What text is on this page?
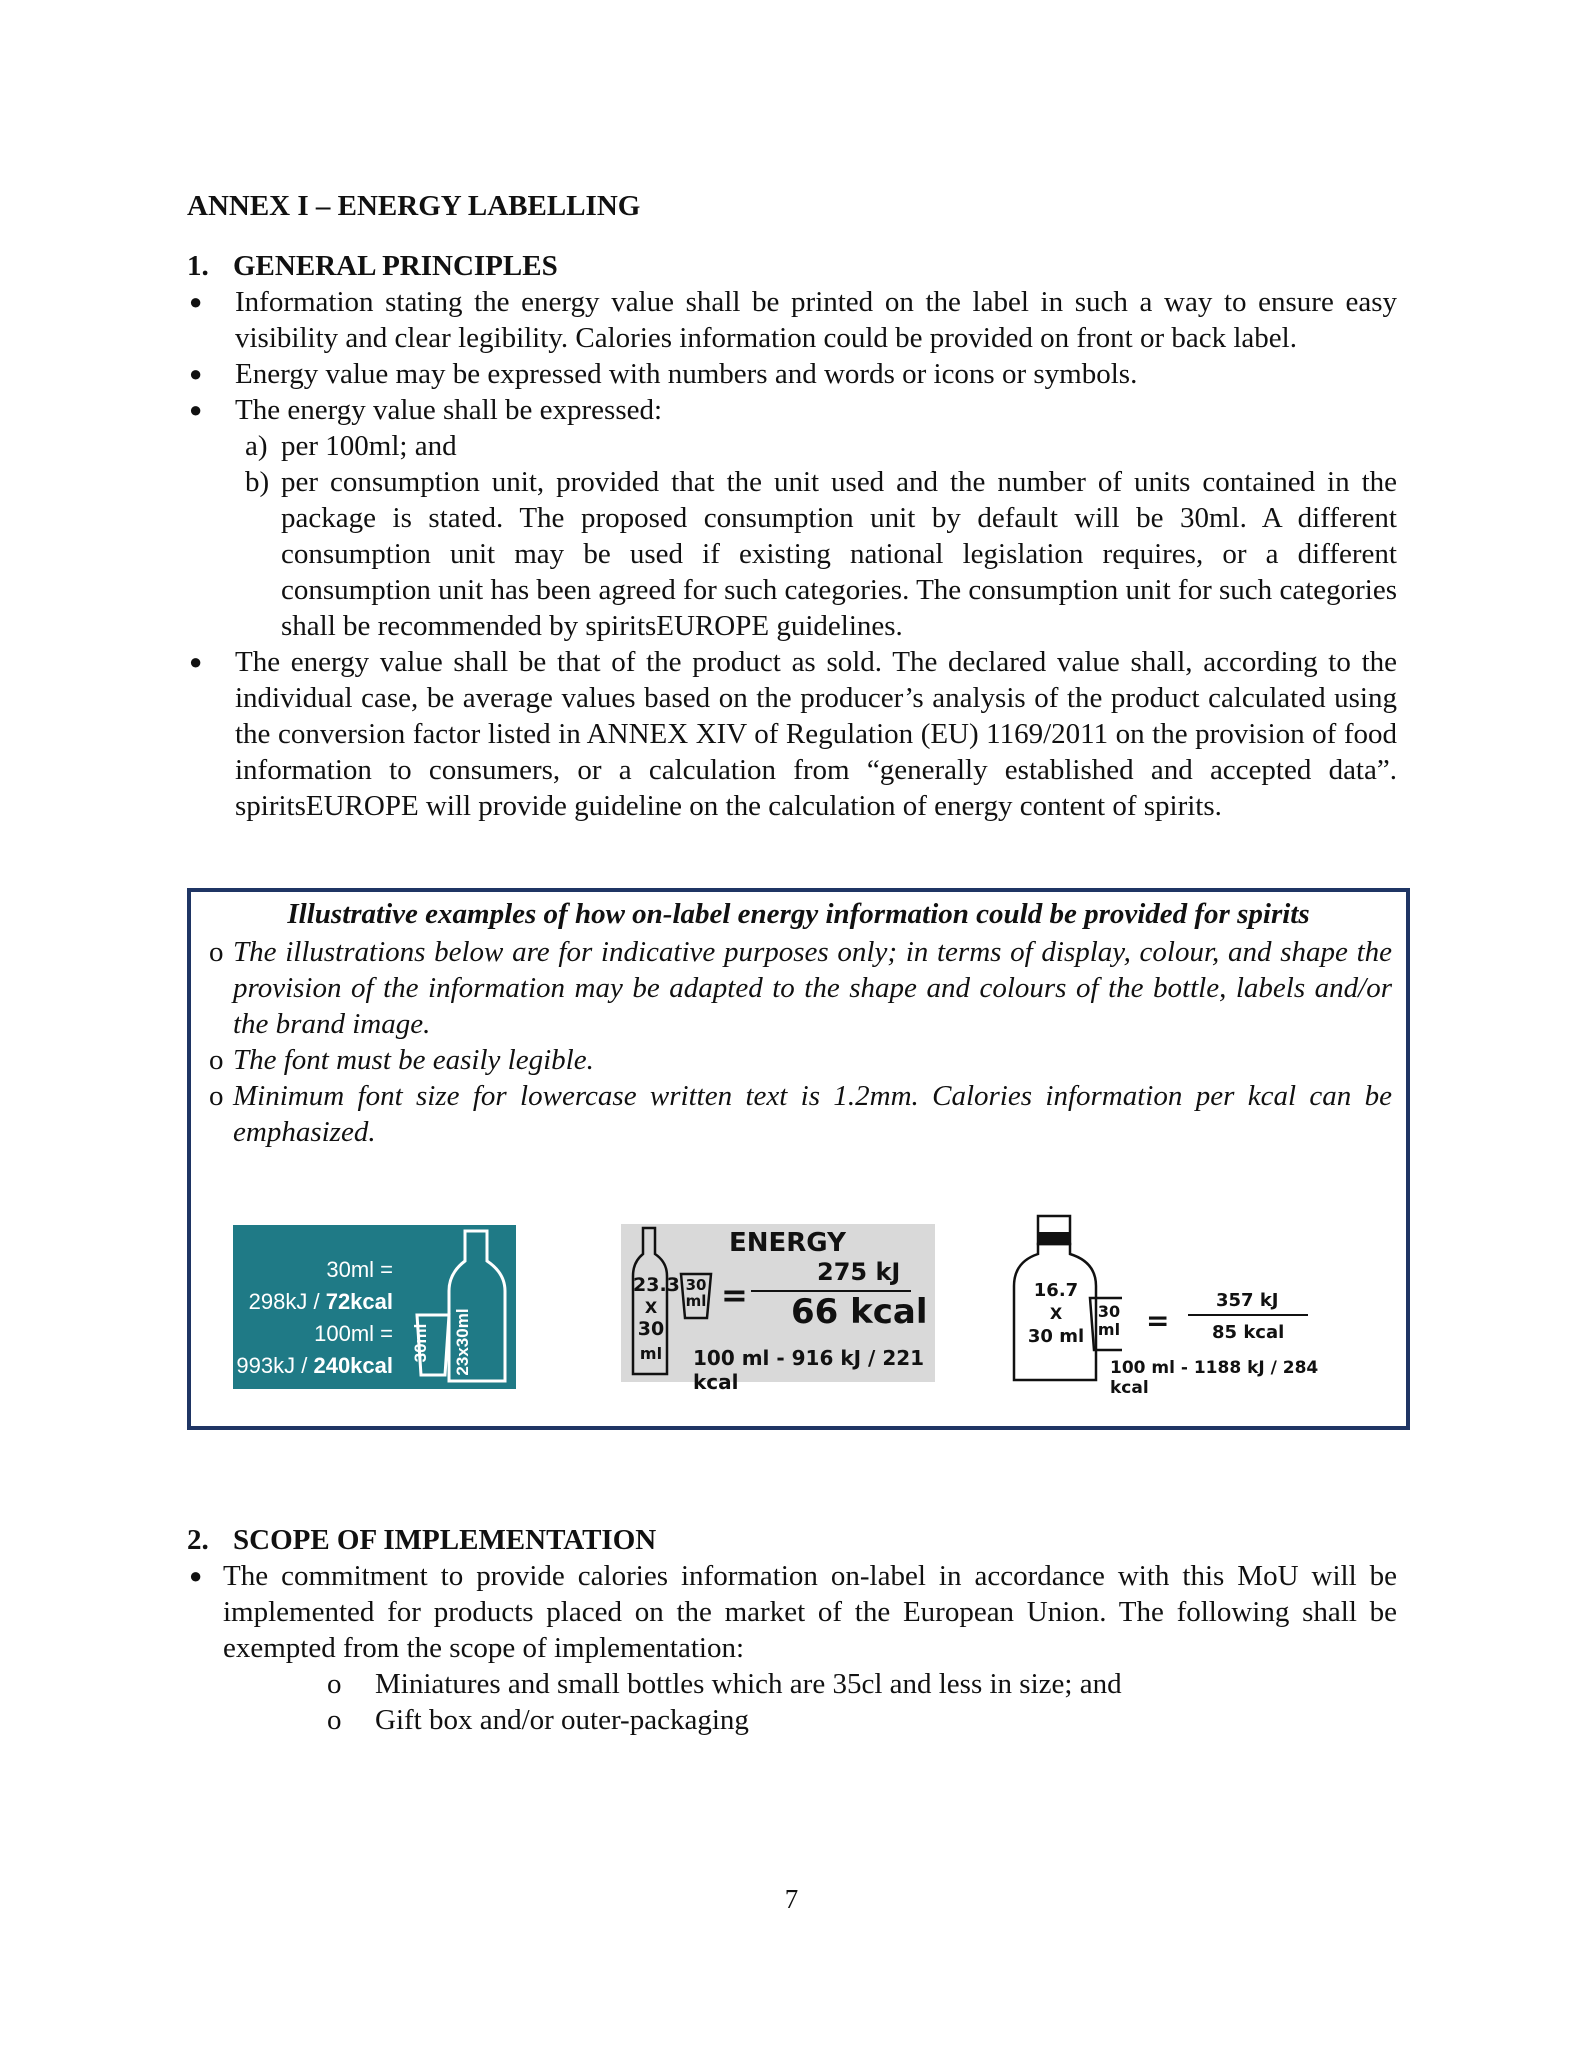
ANNEX I – ENERGY LABELLING
1. GENERAL PRINCIPLES
●	Information stating the energy value shall be printed on the label in such a way to ensure easy visibility and clear legibility. Calories information could be provided on front or back label.
●	Energy value may be expressed with numbers and words or icons or symbols.
●	The energy value shall be expressed:
a) per 100ml; and
b) per consumption unit, provided that the unit used and the number of units contained in the package is stated. The proposed consumption unit by default will be 30ml. A different consumption unit may be used if existing national legislation requires, or a different consumption unit has been agreed for such categories. The consumption unit for such categories shall be recommended by spiritsEUROPE guidelines.
●	The energy value shall be that of the product as sold. The declared value shall, according to the individual case, be average values based on the producer’s analysis of the product calculated using the conversion factor listed in ANNEX XIV of Regulation (EU) 1169/2011 on the provision of food information to consumers, or a calculation from “generally established and accepted data”. spiritsEUROPE will provide guideline on the calculation of energy content of spirits.
Illustrative examples of how on-label energy information could be provided for spirits
o The illustrations below are for indicative purposes only; in terms of display, colour, and shape the provision of the information may be adapted to the shape and colours of the bottle, labels and/or the brand image.
o The font must be easily legible.
o Minimum font size for lowercase written text is 1.2mm. Calories information per kcal can be emphasized.
30ml =
298kJ / 72kcal
100ml =
993kJ / 240kcal
30ml 23x30ml
23.3
X
30
ml
30
ml
ENERGY
=
275 kJ
66 kcal
100 ml - 916 kJ / 221 kcal
16.7
X
30 ml
30
ml =
357 kJ
85 kcal
100 ml - 1188 kJ / 284 kcal
2. SCOPE OF IMPLEMENTATION
● The commitment to provide calories information on-label in accordance with this MoU will be implemented for products placed on the market of the European Union. The following shall be exempted from the scope of implementation:
o	Miniatures and small bottles which are 35cl and less in size; and
o	Gift box and/or outer-packaging
7
